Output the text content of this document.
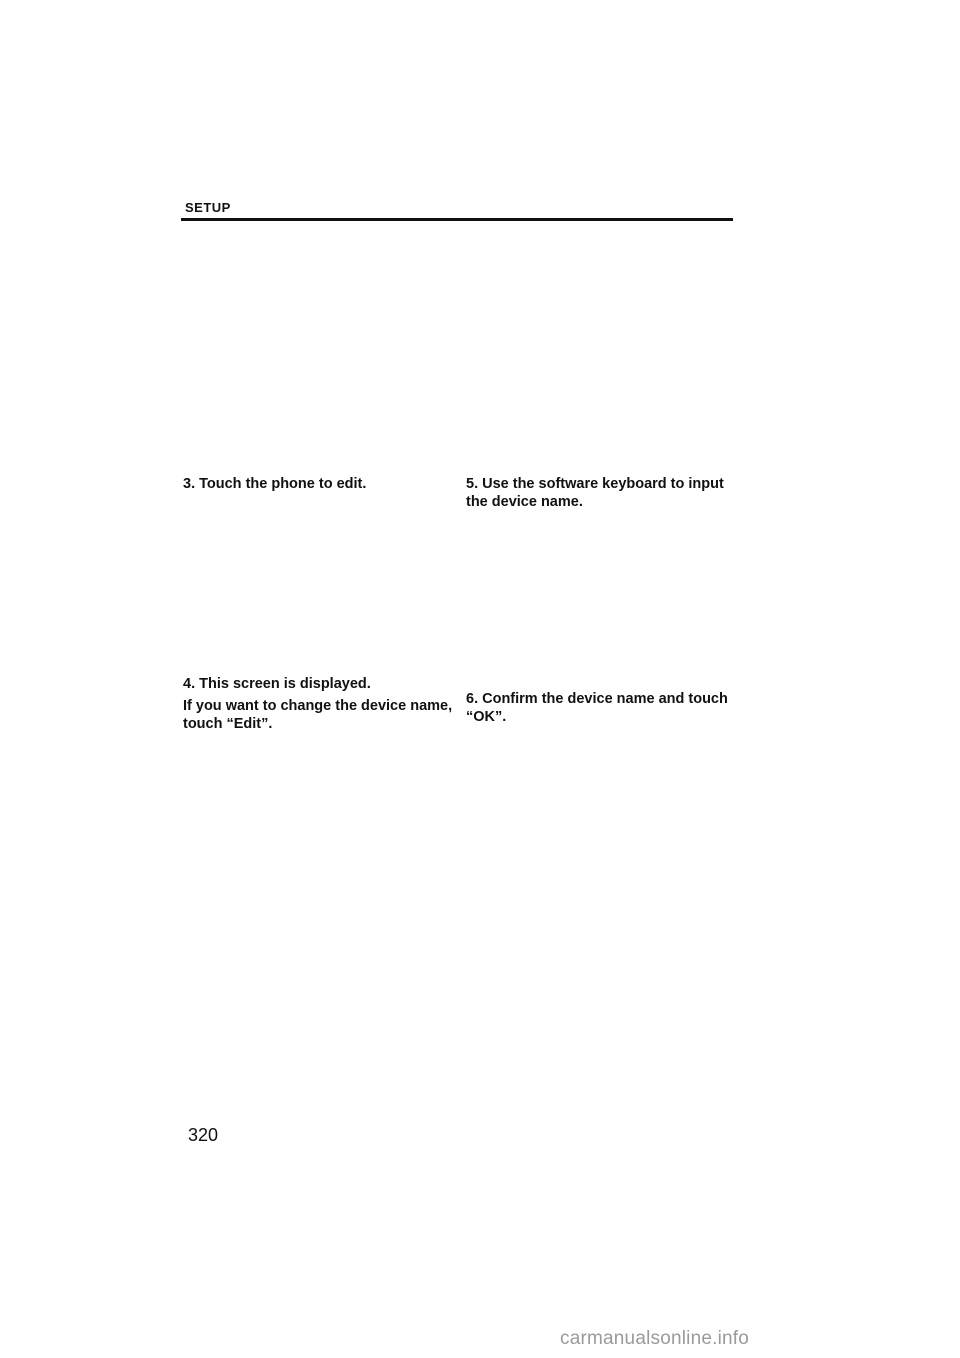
SETUP
3. Touch the phone to edit.
4. This screen is displayed.
If you want to change the device name, touch “Edit”.
5. Use the software keyboard to input the device name.
6. Confirm the device name and touch “OK”.
320
carmanualsonline.info
